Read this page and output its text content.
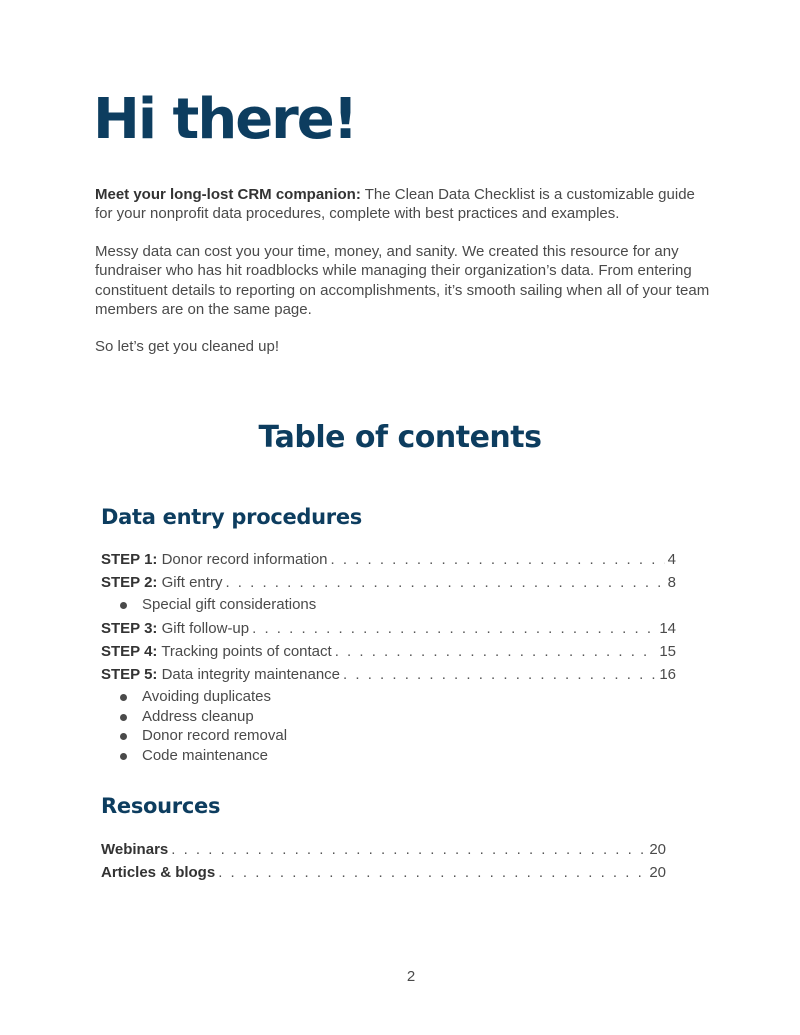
Hi there!

Meet your long-lost CRM companion: The Clean Data Checklist is a customizable guide for your nonprofit data procedures, complete with best practices and examples.

Messy data can cost you your time, money, and sanity. We created this resource for any fundraiser who has hit roadblocks while managing their organization’s data. From entering constituent details to reporting on accomplishments, it’s smooth sailing when all of your team members are on the same page.

So let’s get you cleaned up!

Table of contents
Data entry procedures
STEP 1: Donor record information . . .	4
STEP 2: Gift entry . . .	8
Special gift considerations
STEP 3: Gift follow-up . . .	14
STEP 4: Tracking points of contact . . .	15
STEP 5: Data integrity maintenance . . .	16
Avoiding duplicates
Address cleanup
Donor record removal
Code maintenance
Resources
Webinars . . .	20
Articles & blogs . . .	20
2
